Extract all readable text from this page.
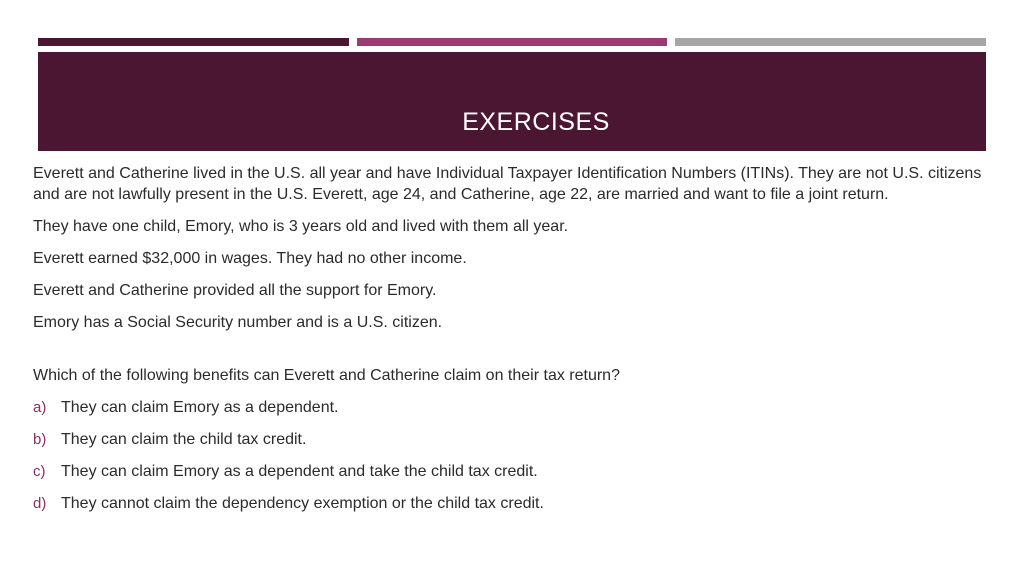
EXERCISES

Everett and Catherine lived in the U.S. all year and have Individual Taxpayer Identification Numbers (ITINs). They are not U.S. citizens and are not lawfully present in the U.S. Everett, age 24, and Catherine, age 22, are married and want to file a joint return.

They have one child, Emory, who is 3 years old and lived with them all year.

Everett earned $32,000 in wages. They had no other income.

Everett and Catherine provided all the support for Emory.

Emory has a Social Security number and is a U.S. citizen.

Which of the following benefits can Everett and Catherine claim on their tax return?

a) They can claim Emory as a dependent.
b) They can claim the child tax credit.
c) They can claim Emory as a dependent and take the child tax credit.
d) They cannot claim the dependency exemption or the child tax credit.
